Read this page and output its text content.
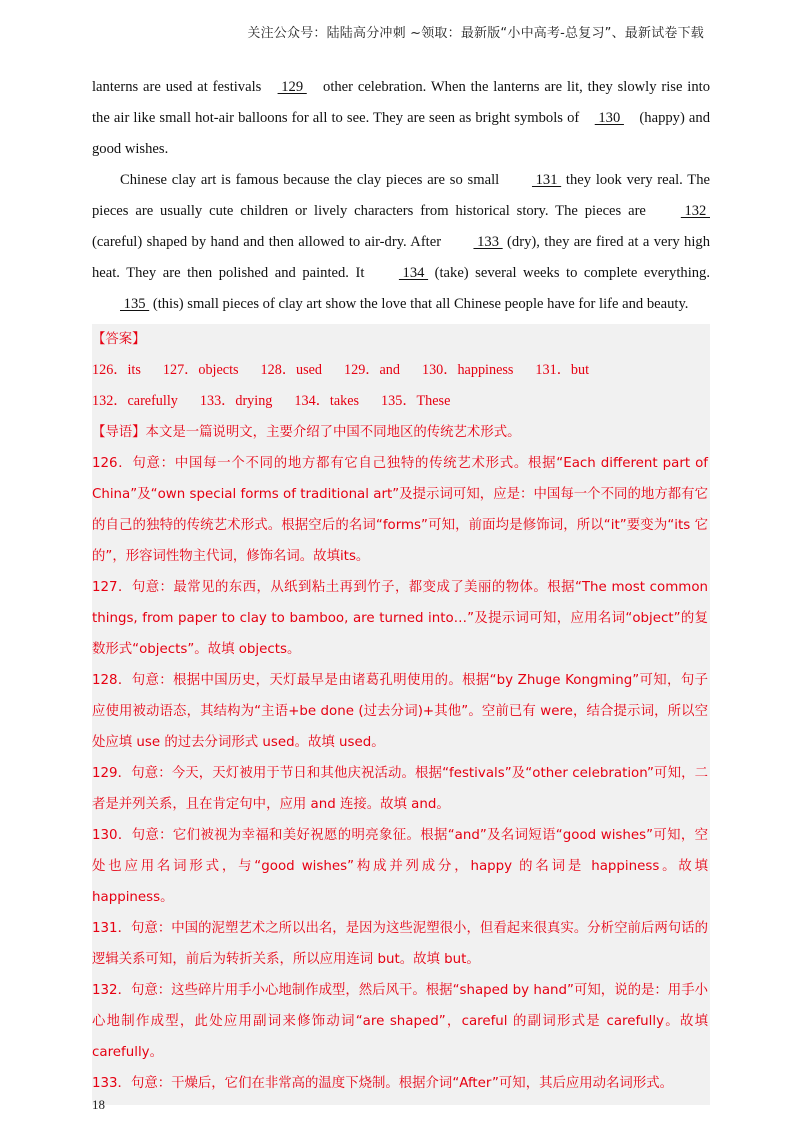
关注公众号：陆陆高分冲刺 ~领取：最新版“小中高考-总复习”、最新试卷下载

lanterns are used at festivals  129  other celebration. When the lanterns are lit, they slowly rise into the air like small hot-air balloons for all to see. They are seen as bright symbols of  130  (happy) and good wishes.

Chinese clay art is famous because the clay pieces are so small  131  they look very real. The pieces are usually cute children or lively characters from historical story. The pieces are  132  (careful) shaped by hand and then allowed to air-dry. After  133  (dry), they are fired at a very high heat. They are then polished and painted. It  134  (take) several weeks to complete everything.  135  (this) small pieces of clay art show the love that all Chinese people have for life and beauty.

【答案】

126．its 127．objects 128．used 129．and 130．happiness 131．but132．carefully 133．drying 134．takes 135．These

【导语】本文是一篇说明文，主要介绍了中国不同地区的传统艺术形式。

126．句意：中国每一个不同的地方都有它自己独特的传统艺术形式。根据“Each different part of China”及“own special forms of traditional art”及提示词可知，应是：中国每一个不同的地方都有它的自己的独特的传统艺术形式。根据空后的名词“forms”可知，前面均是修饰词，所以“it”要变为“its 它的”，形容词性物主代词，修饰名词。故填its。

127．句意：最常见的东西，从纸到粘土再到竹子，都变成了美丽的物体。根据“The most common things, from paper to clay to bamboo, are turned into…”及提示词可知，应用名词“object”的复数形式“objects”。故填 objects。

128．句意：根据中国历史，天灯最早是由诸葛孔明使用的。根据“by Zhuge Kongming”可知，句子应使用被动语态，其结构为“主语+be done (过去分词)+其他”。空前已有 were，结合提示词，所以空处应填 use 的过去分词形式 used。故填 used。

129．句意：今天，天灯被用于节日和其他庆祝活动。根据“festivals”及“other celebration”可知，二者是并列关系，且在肯定句中，应用 and 连接。故填 and。

130．句意：它们被视为幸福和美好祝愿的明亮象征。根据“and”及名词短语“good wishes”可知，空处也应用名词形式，与“good wishes”构成并列成分，happy 的名词是 happiness。故填 happiness。

131．句意：中国的泥塑艺术之所以出名，是因为这些泥塑很小，但看起来很真实。分析空前后两句话的逻辑关系可知，前后为转折关系，所以应用连词 but。故填 but。

132．句意：这些碎片用手小心地制作成型，然后风干。根据“shaped by hand”可知，说的是：用手小心地制作成型，此处应用副词来修饰动词“are shaped”，careful 的副词形式是 carefully。故填 carefully。

133．句意：干燥后，它们在非常高的温度下烧制。根据介词“After”可知，其后应用动名词形式。

18
